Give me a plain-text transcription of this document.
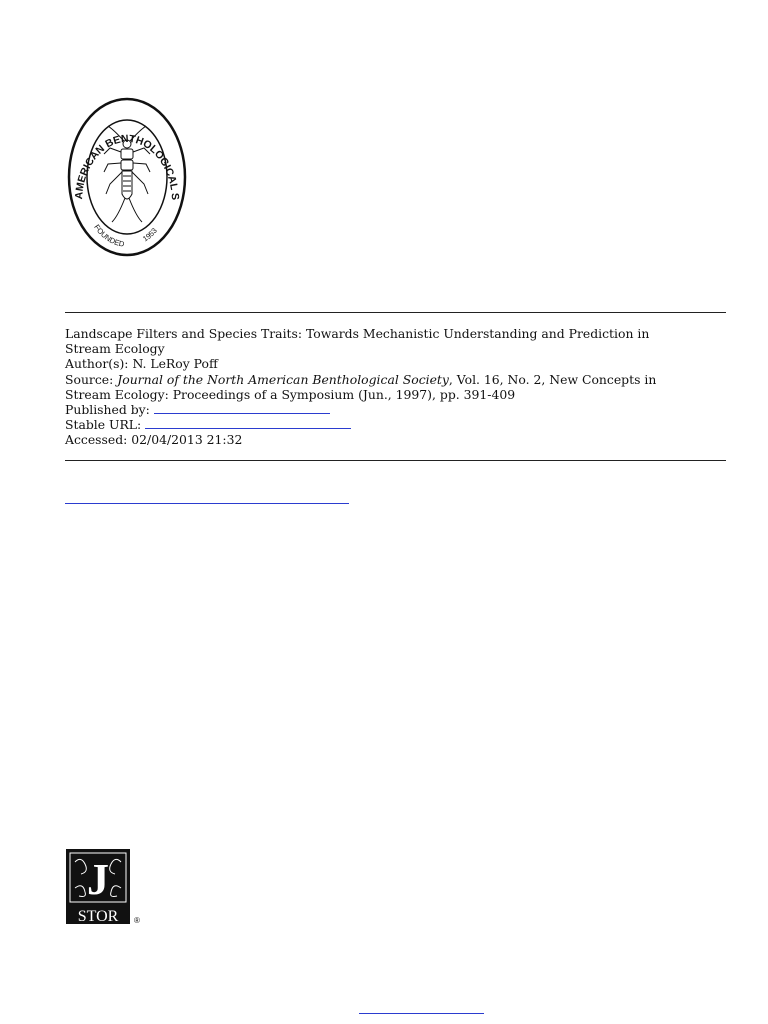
AMERICAN BENTHOLOGICAL S
FOUNDED
1953
Landscape Filters and Species Traits: Towards Mechanistic Understanding and Prediction in
Stream Ecology
Author(s): N. LeRoy Poff
Source: Journal of the North American Benthological Society, Vol. 16, No. 2, New Concepts in
Stream Ecology: Proceedings of a Symposium (Jun., 1997), pp. 391-409
Published by:
Stable URL:
Accessed: 02/04/2013 21:32
J
STOR ®
